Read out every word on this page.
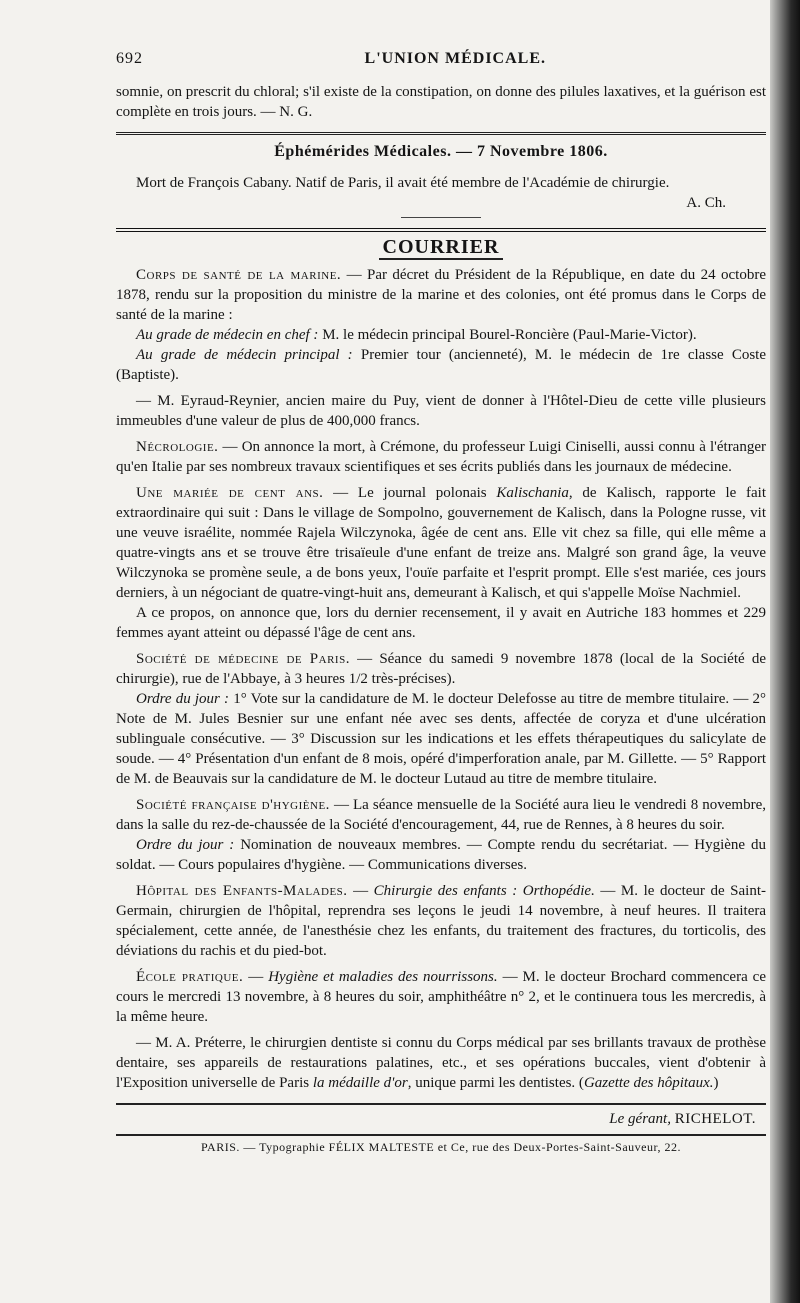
692	L'UNION MÉDICALE.

somnie, on prescrit du chloral; s'il existe de la constipation, on donne des pilules laxatives, et la guérison est complète en trois jours. — N. G.

Éphémérides Médicales. — 7 Novembre 1806.

Mort de François Cabany. Natif de Paris, il avait été membre de l'Académie de chirurgie.

A. Ch.

COURRIER

Corps de santé de la marine. — Par décret du Président de la République, en date du 24 octobre 1878, rendu sur la proposition du ministre de la marine et des colonies, ont été promus dans le Corps de santé de la marine :

Au grade de médecin en chef : M. le médecin principal Bourel-Roncière (Paul-Marie-Victor).

Au grade de médecin principal : Premier tour (ancienneté), M. le médecin de 1re classe Coste (Baptiste).

— M. Eyraud-Reynier, ancien maire du Puy, vient de donner à l'Hôtel-Dieu de cette ville plusieurs immeubles d'une valeur de plus de 400,000 francs.

Nécrologie. — On annonce la mort, à Crémone, du professeur Luigi Ciniselli, aussi connu à l'étranger qu'en Italie par ses nombreux travaux scientifiques et ses écrits publiés dans les journaux de médecine.

Une mariée de cent ans. — Le journal polonais Kalischania, de Kalisch, rapporte le fait extraordinaire qui suit : Dans le village de Sompolno, gouvernement de Kalisch, dans la Pologne russe, vit une veuve israélite, nommée Rajela Wilczynoka, âgée de cent ans. Elle vit chez sa fille, qui elle même a quatre-vingts ans et se trouve être trisaïeule d'une enfant de treize ans. Malgré son grand âge, la veuve Wilczynoka se promène seule, a de bons yeux, l'ouïe parfaite et l'esprit prompt. Elle s'est mariée, ces jours derniers, à un négociant de quatre-vingt-huit ans, demeurant à Kalisch, et qui s'appelle Moïse Nachmiel.

A ce propos, on annonce que, lors du dernier recensement, il y avait en Autriche 183 hommes et 229 femmes ayant atteint ou dépassé l'âge de cent ans.

Société de médecine de Paris. — Séance du samedi 9 novembre 1878 (local de la Société de chirurgie), rue de l'Abbaye, à 3 heures 1/2 très-précises).

Ordre du jour : 1° Vote sur la candidature de M. le docteur Delefosse au titre de membre titulaire. — 2° Note de M. Jules Besnier sur une enfant née avec ses dents, affectée de coryza et d'une ulcération sublinguale consécutive. — 3° Discussion sur les indications et les effets thérapeutiques du salicylate de soude. — 4° Présentation d'un enfant de 8 mois, opéré d'imperforation anale, par M. Gillette. — 5° Rapport de M. de Beauvais sur la candidature de M. le docteur Lutaud au titre de membre titulaire.

Société française d'hygiène. — La séance mensuelle de la Société aura lieu le vendredi 8 novembre, dans la salle du rez-de-chaussée de la Société d'encouragement, 44, rue de Rennes, à 8 heures du soir.

Ordre du jour : Nomination de nouveaux membres. — Compte rendu du secrétariat. — Hygiène du soldat. — Cours populaires d'hygiène. — Communications diverses.

Hôpital des Enfants-Malades. — Chirurgie des enfants : Orthopédie. — M. le docteur de Saint-Germain, chirurgien de l'hôpital, reprendra ses leçons le jeudi 14 novembre, à neuf heures. Il traitera spécialement, cette année, de l'anesthésie chez les enfants, du traitement des fractures, du torticolis, des déviations du rachis et du pied-bot.

École pratique. — Hygiène et maladies des nourrissons. — M. le docteur Brochard commencera ce cours le mercredi 13 novembre, à 8 heures du soir, amphithéâtre n° 2, et le continuera tous les mercredis, à la même heure.

— M. A. Préterre, le chirurgien dentiste si connu du Corps médical par ses brillants travaux de prothèse dentaire, ses appareils de restaurations palatines, etc., et ses opérations buccales, vient d'obtenir à l'Exposition universelle de Paris la médaille d'or, unique parmi les dentistes. (Gazette des hôpitaux.)

Le gérant, RICHELOT.
PARIS. — Typographie FÉLIX MALTESTE et Ce, rue des Deux-Portes-Saint-Sauveur, 22.
